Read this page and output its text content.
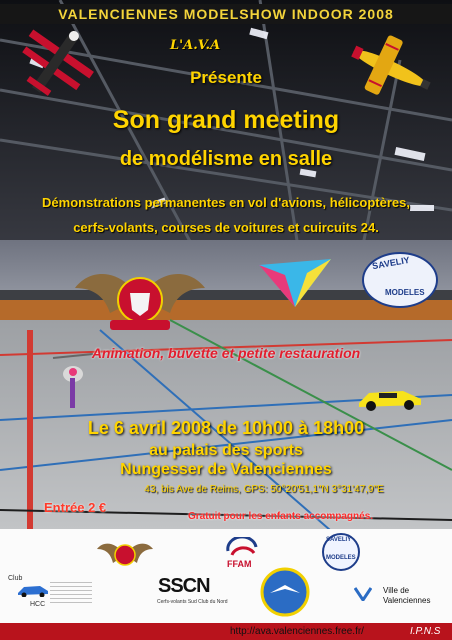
SAVELIY
MODELES
VALENCIENNES MODELSHOW INDOOR 2008
L'A.V.A
Présente
Son grand meeting
de modélisme en salle
Démonstrations permanentes en vol d'avions, hélicoptères,
cerfs-volants, courses de voitures et cuircuits 24.
Animation, buvette et petite restauration
Le 6 avril 2008 de 10h00 à 18h00
au palais des sports
Nungesser de Valenciennes
43, bis Ave de Reims, GPS: 50°20'51,1"N 3°31'47,9"E
Entrée 2 €
Gratuit pour les enfants accompagnés.
FFAM
SAVELIY
MODELES
Club
HCC
SSCN
Cerfs-volants Sud Club du Nord
Ville de
Valenciennes
http://ava.valenciennes.free.fr/	I.P.N.S
